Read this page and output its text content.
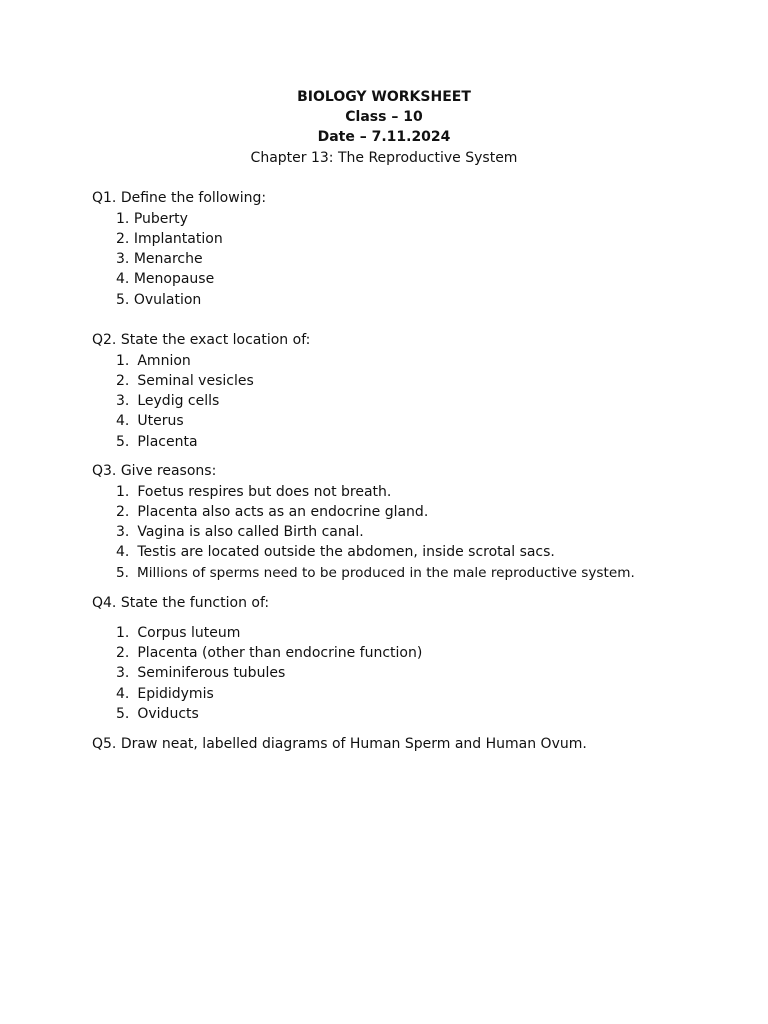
BIOLOGY WORKSHEET
Class – 10
Date – 7.11.2024
Chapter 13: The Reproductive System
Q1. Define the following:
1. Puberty
2. Implantation
3. Menarche
4. Menopause
5. Ovulation
Q2. State the exact location of:
1. Amnion
2. Seminal vesicles
3. Leydig cells
4. Uterus
5. Placenta
Q3. Give reasons:
1. Foetus respires but does not breath.
2. Placenta also acts as an endocrine gland.
3. Vagina is also called Birth canal.
4. Testis are located outside the abdomen, inside scrotal sacs.
5. Millions of sperms need to be produced in the male reproductive system.
Q4. State the function of:
1. Corpus luteum
2. Placenta (other than endocrine function)
3. Seminiferous tubules
4. Epididymis
5. Oviducts
Q5. Draw neat, labelled diagrams of Human Sperm and Human Ovum.
